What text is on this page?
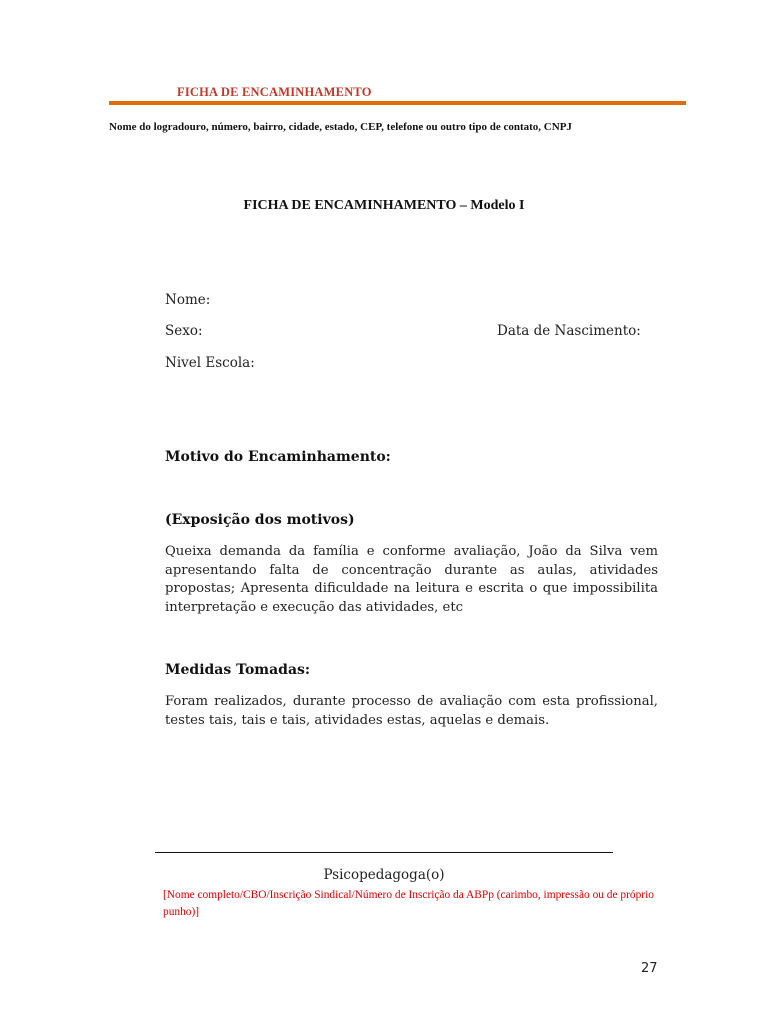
FICHA DE ENCAMINHAMENTO
Nome do logradouro, número, bairro, cidade, estado, CEP, telefone ou outro tipo de contato, CNPJ
FICHA DE ENCAMINHAMENTO – Modelo I
Nome:
Sexo:	Data de Nascimento:
Nivel Escola:
Motivo do Encaminhamento:
(Exposição dos motivos)
Queixa demanda da família e conforme avaliação, João da Silva vem apresentando falta de concentração durante as aulas, atividades propostas; Apresenta dificuldade na leitura e escrita o que impossibilita interpretação e execução das atividades, etc
Medidas Tomadas:
Foram realizados, durante processo de avaliação com esta profissional, testes tais, tais e tais, atividades estas, aquelas e demais.
Psicopedagoga(o)
[Nome completo/CBO/Inscrição Sindical/Número de Inscrição da ABPp (carimbo, impressão ou de próprio punho)]
27
